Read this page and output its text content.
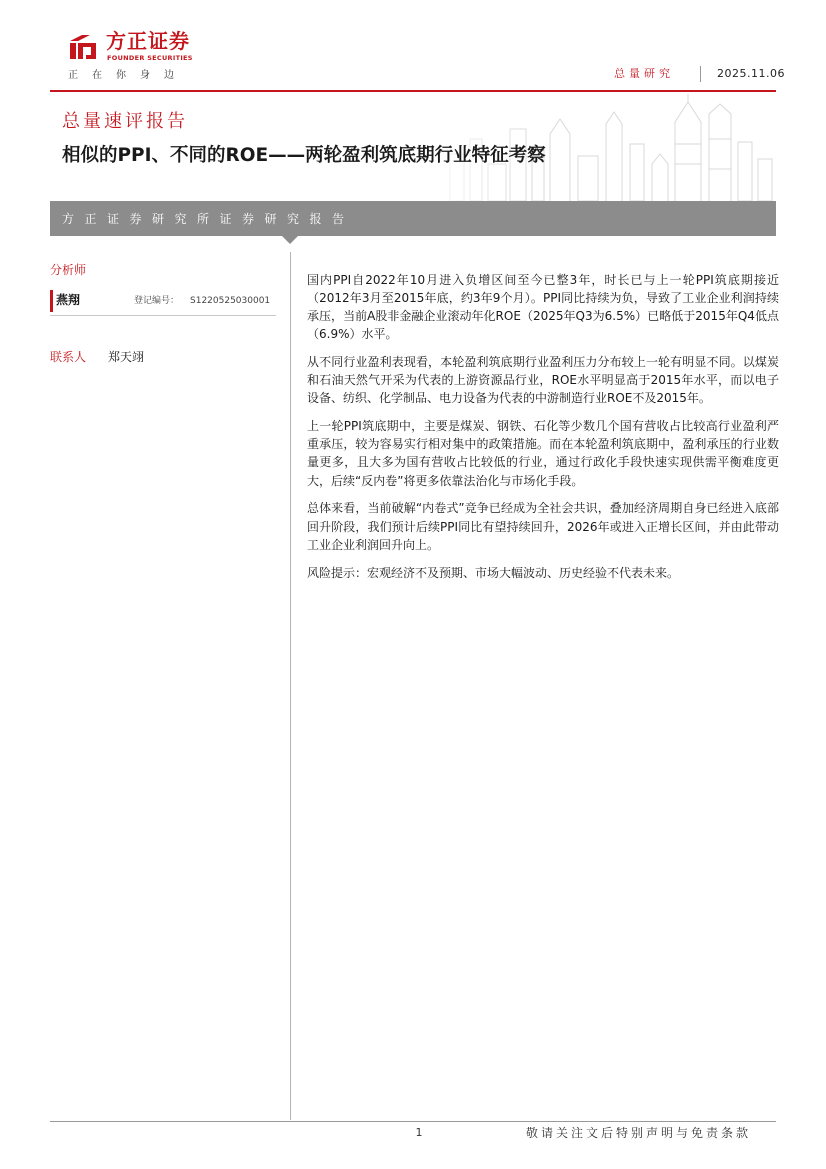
方正证券
FOUNDER SECURITIES
正在你身边	总量研究	2025.11.06
总量速评报告
相似的PPI、不同的ROE——两轮盈利筑底期行业特征考察
方正证券研究所证券研究报告
分析师
燕翔	登记编号： S1220525030001
联系人 郑天翊

国内PPI自2022年10月进入负增区间至今已整3年，时长已与上一轮PPI筑底期接近（2012年3月至2015年底，约3年9个月）。PPI同比持续为负，导致了工业企业利润持续承压，当前A股非金融企业滚动年化ROE（2025年Q3为6.5%）已略低于2015年Q4低点（6.9%）水平。

从不同行业盈利表现看，本轮盈利筑底期行业盈利压力分布较上一轮有明显不同。以煤炭和石油天然气开采为代表的上游资源品行业，ROE水平明显高于2015年水平，而以电子设备、纺织、化学制品、电力设备为代表的中游制造行业ROE不及2015年。

上一轮PPI筑底期中，主要是煤炭、钢铁、石化等少数几个国有营收占比较高行业盈利严重承压，较为容易实行相对集中的政策措施。而在本轮盈利筑底期中，盈利承压的行业数量更多，且大多为国有营收占比较低的行业，通过行政化手段快速实现供需平衡难度更大，后续“反内卷”将更多依靠法治化与市场化手段。

总体来看，当前破解“内卷式”竞争已经成为全社会共识，叠加经济周期自身已经进入底部回升阶段，我们预计后续PPI同比有望持续回升，2026年或进入正增长区间，并由此带动工业企业利润回升向上。

风险提示：宏观经济不及预期、市场大幅波动、历史经验不代表未来。

1	敬请关注文后特别声明与免责条款
